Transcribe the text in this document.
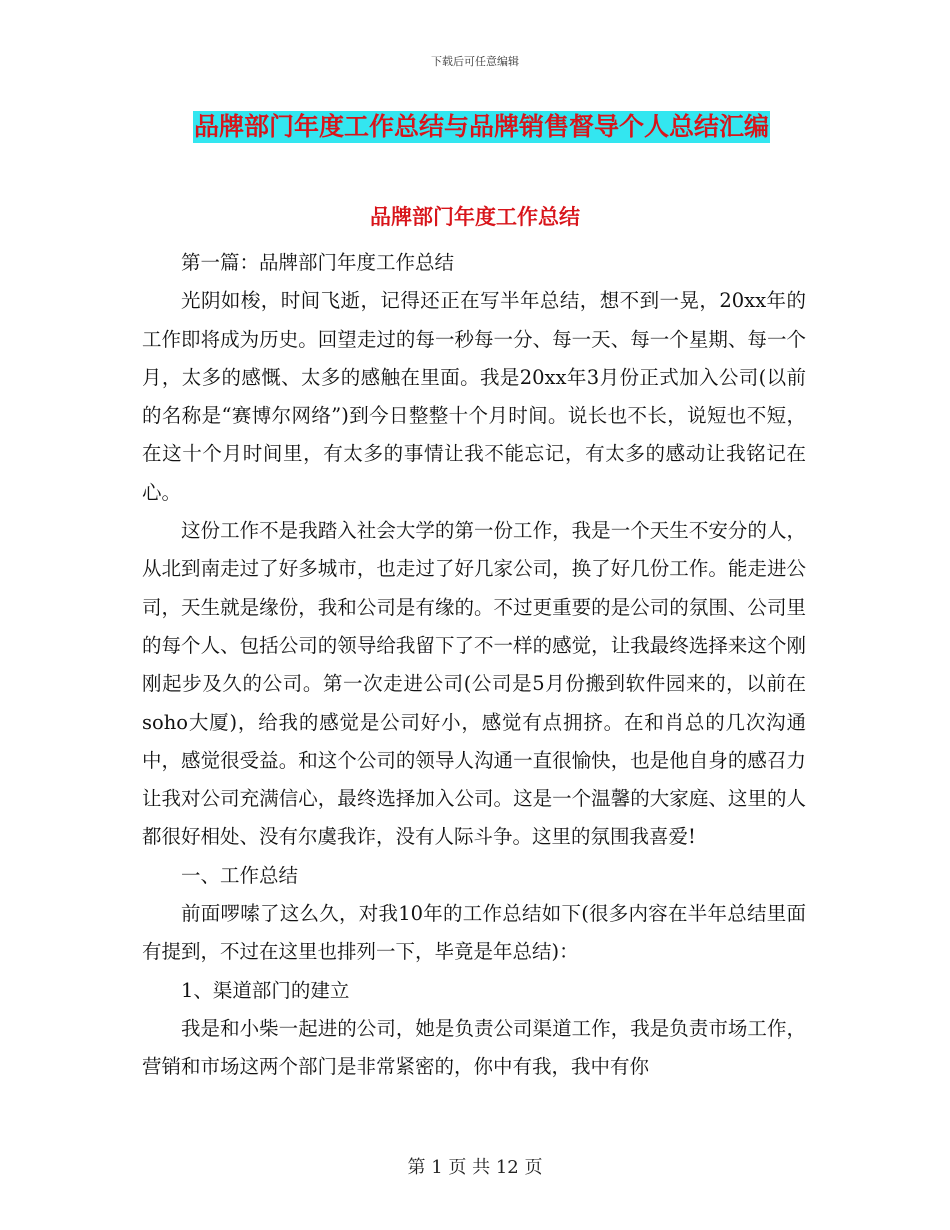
下载后可任意编辑
品牌部门年度工作总结与品牌销售督导个人总结汇编
品牌部门年度工作总结

第一篇：品牌部门年度工作总结

光阴如梭，时间飞逝，记得还正在写半年总结，想不到一晃，20xx年的工作即将成为历史。回望走过的每一秒每一分、每一天、每一个星期、每一个月，太多的感慨、太多的感触在里面。我是20xx年3月份正式加入公司(以前的名称是“赛博尔网络”)到今日整整十个月时间。说长也不长，说短也不短，在这十个月时间里，有太多的事情让我不能忘记，有太多的感动让我铭记在心。

这份工作不是我踏入社会大学的第一份工作，我是一个天生不安分的人，从北到南走过了好多城市，也走过了好几家公司，换了好几份工作。能走进公司，天生就是缘份，我和公司是有缘的。不过更重要的是公司的氛围、公司里的每个人、包括公司的领导给我留下了不一样的感觉，让我最终选择来这个刚刚起步及久的公司。第一次走进公司(公司是5月份搬到软件园来的，以前在soho大厦)，给我的感觉是公司好小，感觉有点拥挤。在和肖总的几次沟通中，感觉很受益。和这个公司的领导人沟通一直很愉快，也是他自身的感召力让我对公司充满信心，最终选择加入公司。这是一个温馨的大家庭、这里的人都很好相处、没有尔虞我诈，没有人际斗争。这里的氛围我喜爱!

一、工作总结

前面啰嗦了这么久，对我10年的工作总结如下(很多内容在半年总结里面有提到，不过在这里也排列一下，毕竟是年总结)：

1、渠道部门的建立

我是和小柴一起进的公司，她是负责公司渠道工作，我是负责市场工作，营销和市场这两个部门是非常紧密的，你中有我，我中有你

第 1 页 共 12 页
